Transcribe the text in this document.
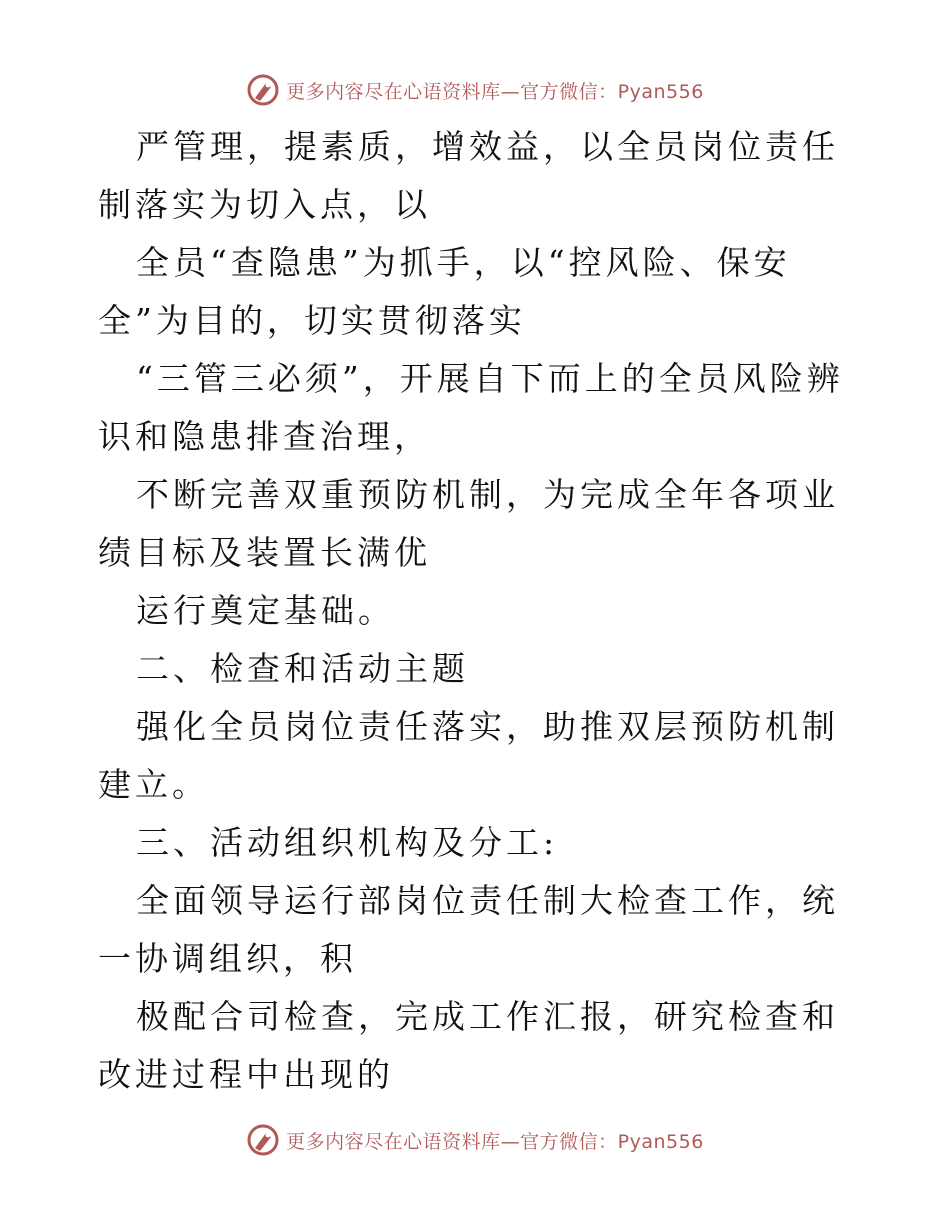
更多内容尽在心语资料库—官方微信：Pyan556

严管理，提素质，增效益，以全员岗位责任制落实为切入点，以

全员“查隐患”为抓手，以“控风险、保安全”为目的，切实贯彻落实

“三管三必须”，开展自下而上的全员风险辨识和隐患排查治理，

不断完善双重预防机制，为完成全年各项业绩目标及装置长满优

运行奠定基础。

二、检查和活动主题

强化全员岗位责任落实，助推双层预防机制建立。

三、活动组织机构及分工:

全面领导运行部岗位责任制大检查工作，统一协调组织，积

极配合司检查，完成工作汇报，研究检查和改进过程中出现的

更多内容尽在心语资料库—官方微信：Pyan556
